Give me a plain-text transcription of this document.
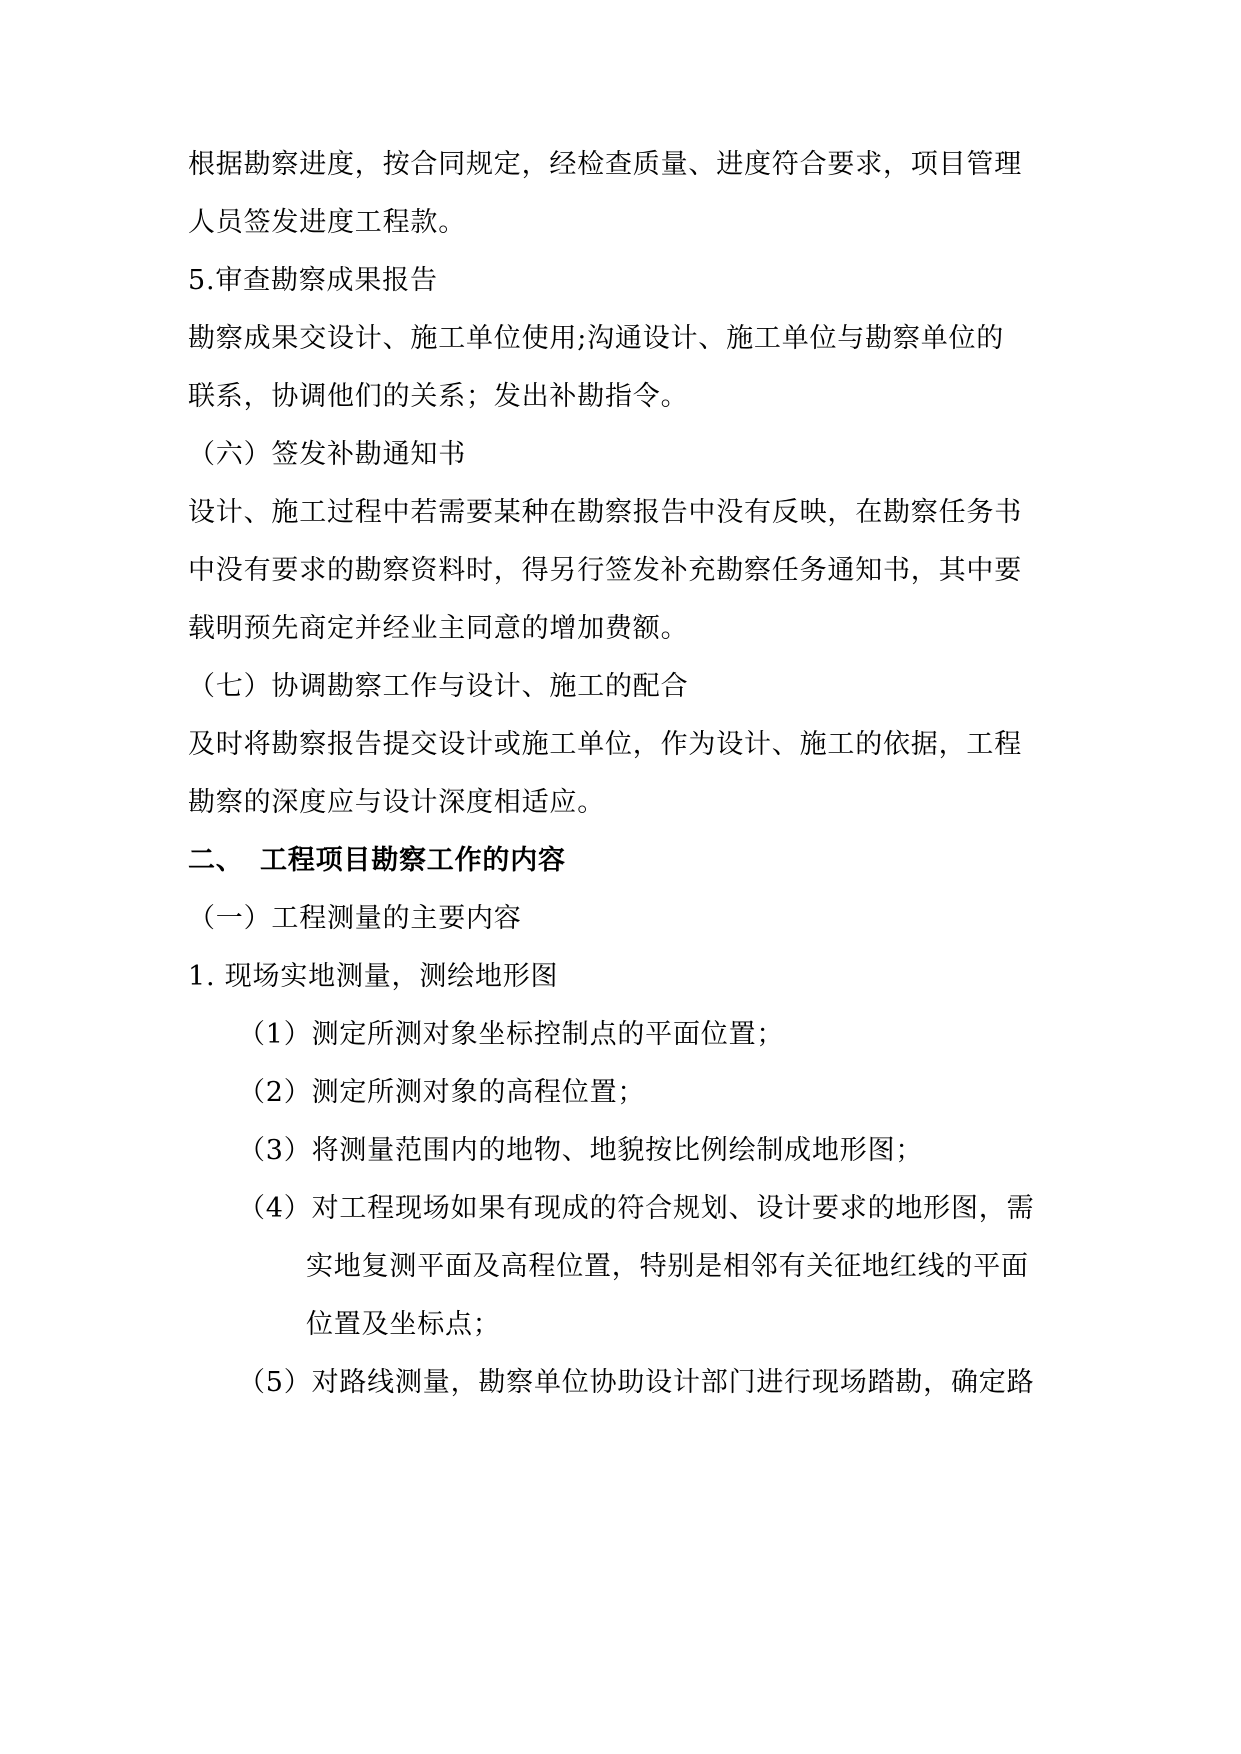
根据勘察进度，按合同规定，经检查质量、进度符合要求，项目管理
人员签发进度工程款。
5.审查勘察成果报告
勘察成果交设计、施工单位使用;沟通设计、施工单位与勘察单位的
联系，协调他们的关系；发出补勘指令。
（六）签发补勘通知书
设计、施工过程中若需要某种在勘察报告中没有反映，在勘察任务书
中没有要求的勘察资料时，得另行签发补充勘察任务通知书，其中要
载明预先商定并经业主同意的增加费额。
（七）协调勘察工作与设计、施工的配合
及时将勘察报告提交设计或施工单位，作为设计、施工的依据，工程
勘察的深度应与设计深度相适应。
二、 工程项目勘察工作的内容
（一）工程测量的主要内容
1. 现场实地测量，测绘地形图
（1）测定所测对象坐标控制点的平面位置；
（2）测定所测对象的高程位置；
（3）将测量范围内的地物、地貌按比例绘制成地形图；
（4）对工程现场如果有现成的符合规划、设计要求的地形图，需
实地复测平面及高程位置，特别是相邻有关征地红线的平面
位置及坐标点；
（5）对路线测量，勘察单位协助设计部门进行现场踏勘，确定路
